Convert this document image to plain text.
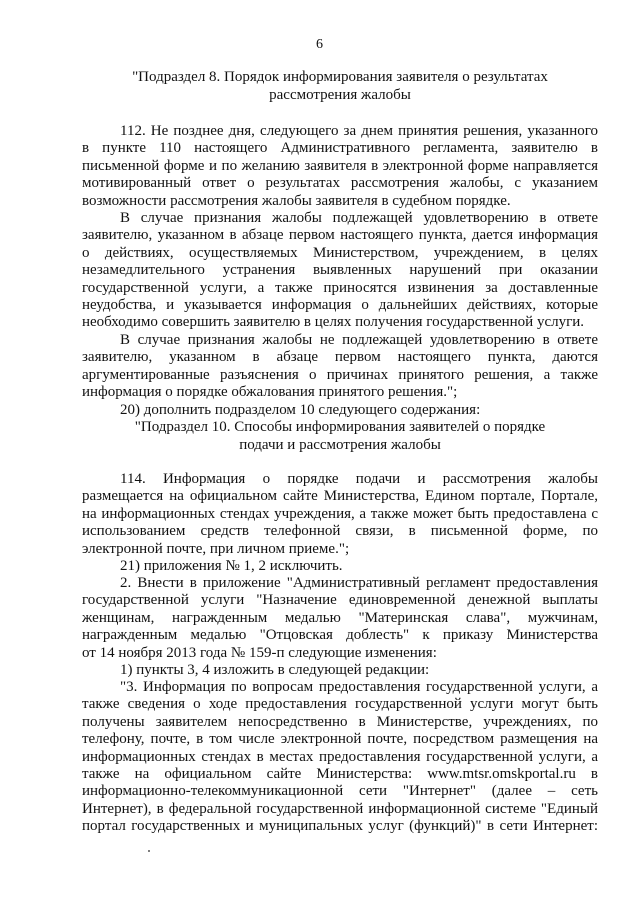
6
"Подраздел 8. Порядок информирования заявителя о результатах
рассмотрения жалобы
112. Не позднее дня, следующего за днем принятия решения, указанного
в пункте 110 настоящего Административного регламента, заявителю в
письменной форме и по желанию заявителя в электронной форме направляется
мотивированный ответ о результатах рассмотрения жалобы, с указанием
возможности рассмотрения жалобы заявителя в судебном порядке.
В случае признания жалобы подлежащей удовлетворению в ответе
заявителю, указанном в абзаце первом настоящего пункта, дается информация
о действиях, осуществляемых Министерством, учреждением, в целях
незамедлительного устранения выявленных нарушений при оказании
государственной услуги, а также приносятся извинения за доставленные
неудобства, и указывается информация о дальнейших действиях, которые
необходимо совершить заявителю в целях получения государственной услуги.
В случае признания жалобы не подлежащей удовлетворению в ответе
заявителю, указанном в абзаце первом настоящего пункта, даются
аргументированные разъяснения о причинах принятого решения, а также
информация о порядке обжалования принятого решения.";
20) дополнить подразделом 10 следующего содержания:
"Подраздел 10. Способы информирования заявителей о порядке
подачи и рассмотрения жалобы
114. Информация о порядке подачи и рассмотрения жалобы
размещается на официальном сайте Министерства, Едином портале, Портале,
на информационных стендах учреждения, а также может быть предоставлена с
использованием средств телефонной связи, в письменной форме, по
электронной почте, при личном приеме.";
21) приложения № 1, 2 исключить.
2. Внести в приложение "Административный регламент предоставления
государственной услуги "Назначение единовременной денежной выплаты
женщинам, награжденным медалью "Материнская слава", мужчинам,
награжденным медалью "Отцовская доблесть" к приказу Министерства
от 14 ноября 2013 года № 159-п следующие изменения:
1) пункты 3, 4 изложить в следующей редакции:
"3. Информация по вопросам предоставления государственной услуги, а
также сведения о ходе предоставления государственной услуги могут быть
получены заявителем непосредственно в Министерстве, учреждениях, по
телефону, почте, в том числе электронной почте, посредством размещения на
информационных стендах в местах предоставления государственной услуги, а
также на официальном сайте Министерства: www.mtsr.omskportal.ru в
информационно-телекоммуникационной сети "Интернет" (далее – сеть
Интернет), в федеральной государственной информационной системе "Единый
портал государственных и муниципальных услуг (функций)" в сети Интернет:
